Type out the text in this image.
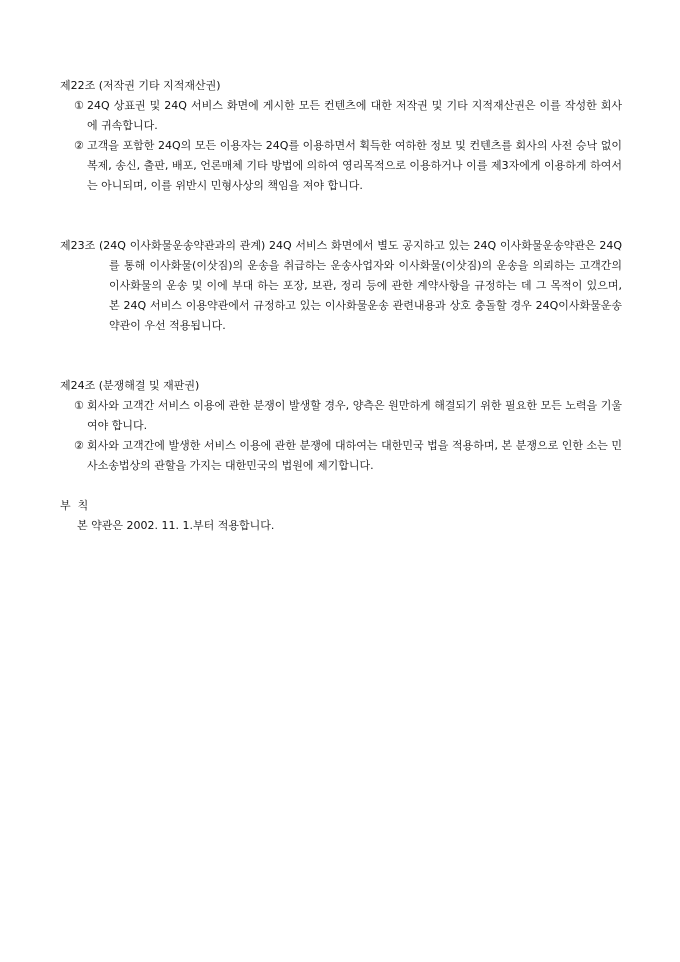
제22조 (저작권 기타 지적재산권)
① 24Q 상표권 및 24Q 서비스 화면에 게시한 모든 컨텐츠에 대한 저작권 및 기타 지적재산권은 이를 작성한 회사에 귀속합니다.
② 고객을 포함한 24Q의 모든 이용자는 24Q를 이용하면서 획득한 여하한 정보 및 컨텐츠를 회사의 사전 승낙 없이 복제, 송신, 출판, 배포, 언론매체 기타 방법에 의하여 영리목적으로 이용하거나 이를 제3자에게 이용하게 하여서는 아니되며, 이를 위반시 민형사상의 책임을 져야 합니다.
제23조 (24Q 이사화물운송약관과의 관계) 24Q 서비스 화면에서 별도 공지하고 있는 24Q 이사화물운송약관은 24Q를 통해 이사화물(이삿짐)의 운송을 취급하는 운송사업자와 이사화물(이삿짐)의 운송을 의뢰하는 고객간의 이사화물의 운송 및 이에 부대 하는 포장, 보관, 정리 등에 관한 계약사항을 규정하는 데 그 목적이 있으며, 본 24Q 서비스 이용약관에서 규정하고 있는 이사화물운송 관련내용과 상호 충돌할 경우 24Q이사화물운송약관이 우선 적용됩니다.
제24조 (분쟁해결 및 재판권)
① 회사와 고객간 서비스 이용에 관한 분쟁이 발생할 경우, 양측은 원만하게 해결되기 위한 필요한 모든 노력을 기울여야 합니다.
② 회사와 고객간에 발생한 서비스 이용에 관한 분쟁에 대하여는 대한민국 법을 적용하며, 본 분쟁으로 인한 소는 민사소송법상의 관할을 가지는 대한민국의 법원에 제기합니다.
부  칙
본 약관은 2002. 11. 1.부터 적용합니다.
